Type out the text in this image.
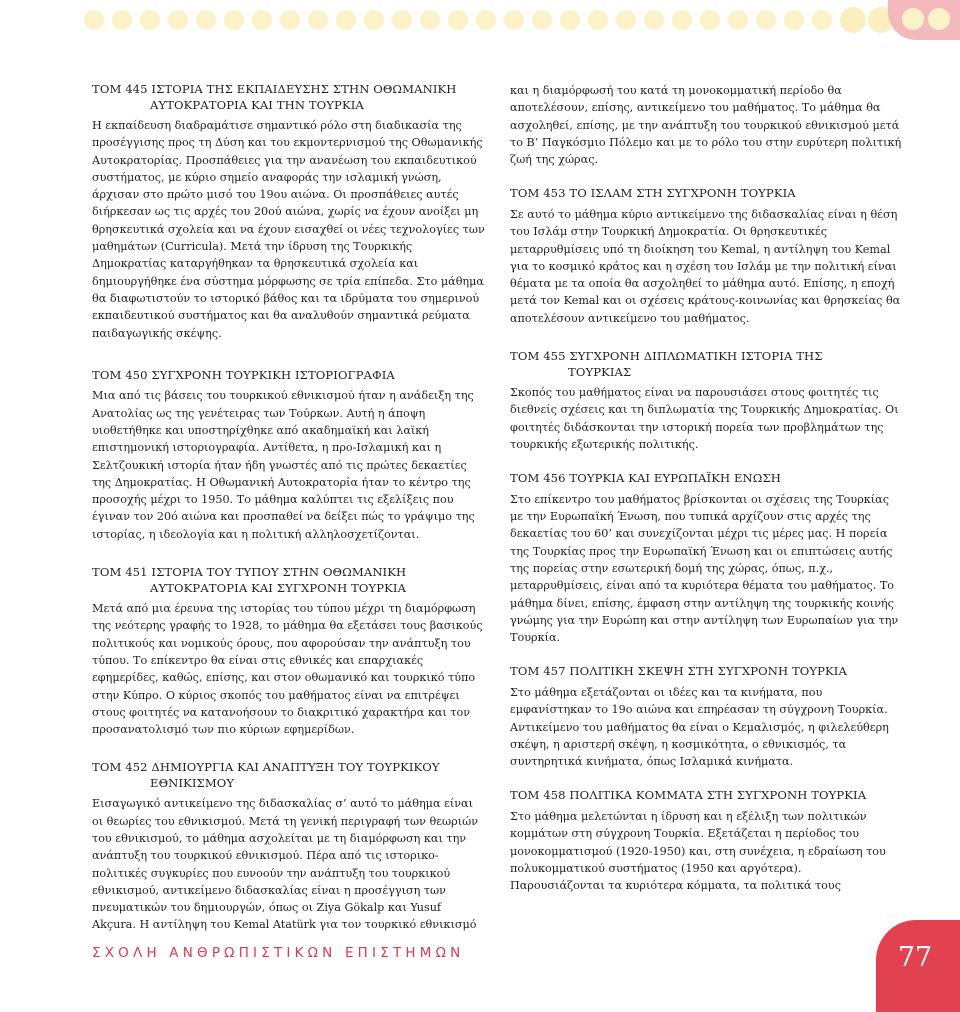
ΤΟΜ 445 ΙΣΤΟΡΙΑ ΤΗΣ ΕΚΠΑΙΔΕΥΣΗΣ ΣΤΗΝ ΟΘΩΜΑΝΙΚΗ
ΑΥΤΟΚΡΑΤΟΡΙΑ ΚΑΙ ΤΗΝ ΤΟΥΡΚΙΑ

Η εκπαίδευση διαδραμάτισε σημαντικό ρόλο στη διαδικασία της προσέγγισης προς τη Δύση και του εκμοντερνισμού της Οθωμανικής Αυτοκρατορίας. Προσπάθειες για την ανανέωση του εκπαιδευτικού συστήματος, με κύριο σημείο αναφοράς την ισλαμική γνώση, άρχισαν στο πρώτο μισό του 19ου αιώνα. Οι προσπάθειες αυτές διήρκεσαν ως τις αρχές του 20ού αιώνα, χωρίς να έχουν ανοίξει μη θρησκευτικά σχολεία και να έχουν εισαχθεί οι νέες τεχνολογίες των μαθημάτων (Curricula). Μετά την ίδρυση της Τουρκικής Δημοκρατίας καταργήθηκαν τα θρησκευτικά σχολεία και δημιουργήθηκε ένα σύστημα μόρφωσης σε τρία επίπεδα. Στο μάθημα θα διαφωτιστούν το ιστορικό βάθος και τα ιδρύματα του σημερινού εκπαιδευτικού συστήματος και θα αναλυθούν σημαντικά ρεύματα παιδαγωγικής σκέψης.

ΤΟΜ 450 ΣΥΓΧΡΟΝΗ ΤΟΥΡΚΙΚΗ ΙΣΤΟΡΙΟΓΡΑΦΙΑ

Μια από τις βάσεις του τουρκικού εθνικισμού ήταν η ανάδειξη της Ανατολίας ως της γενέτειρας των Τούρκων. Αυτή η άποψη υιοθετήθηκε και υποστηρίχθηκε από ακαδημαϊκή και λαϊκή επιστημονική ιστοριογραφία. Αντίθετα, η προ-Ισλαμική και η Σελτζουκική ιστορία ήταν ήδη γνωστές από τις πρώτες δεκαετίες της Δημοκρατίας. Η Οθωμανική Αυτοκρατορία ήταν το κέντρο της προσοχής μέχρι το 1950. Το μάθημα καλύπτει τις εξελίξεις που έγιναν τον 20ό αιώνα και προσπαθεί να δείξει πώς το γράψιμο της ιστορίας, η ιδεολογία και η πολιτική αλληλοσχετίζονται.

ΤΟΜ 451 ΙΣΤΟΡΙΑ ΤΟΥ ΤΥΠΟΥ ΣΤΗΝ ΟΘΩΜΑΝΙΚΗ
ΑΥΤΟΚΡΑΤΟΡΙΑ ΚΑΙ ΣΥΓΧΡΟΝΗ ΤΟΥΡΚΙΑ

Μετά από μια έρευνα της ιστορίας του τύπου μέχρι τη διαμόρφωση της νεότερης γραφής το 1928, το μάθημα θα εξετάσει τους βασικούς πολιτικούς και νομικούς όρους, που αφορούσαν την ανάπτυξη του τύπου. Το επίκεντρο θα είναι στις εθνικές και επαρχιακές εφημερίδες, καθώς, επίσης, και στον οθωμανικό και τουρκικό τύπο στην Κύπρο. Ο κύριος σκοπός του μαθήματος είναι να επιτρέψει στους φοιτητές να κατανοήσουν το διακριτικό χαρακτήρα και τον προσανατολισμό των πιο κύριων εφημερίδων.

ΤΟΜ 452 ΔΗΜΙΟΥΡΓΙΑ ΚΑΙ ΑΝΑΠΤΥΞΗ ΤΟΥ ΤΟΥΡΚΙΚΟΥ
ΕΘΝΙΚΙΣΜΟΥ

Εισαγωγικό αντικείμενο της διδασκαλίας σ’ αυτό το μάθημα είναι οι θεωρίες του εθνικισμού. Μετά τη γενική περιγραφή των θεωριών του εθνικισμού, το μάθημα ασχολείται με τη διαμόρφωση και την ανάπτυξη του τουρκικού εθνικισμού. Πέρα από τις ιστορικο-πολιτικές συγκυρίες που ευνοούν την ανάπτυξη του τουρκικού εθνικισμού, αντικείμενο διδασκαλίας είναι η προσέγγιση των πνευματικών του δημιουργών, όπως οι Ziya Gökalp και Yusuf Akçura. Η αντίληψη του Kemal Atatürk για τον τουρκικό εθνικισμό

και η διαμόρφωσή του κατά τη μονοκομματική περίοδο θα αποτελέσουν, επίσης, αντικείμενο του μαθήματος. Το μάθημα θα ασχοληθεί, επίσης, με την ανάπτυξη του τουρκικού εθνικισμού μετά το Β’ Παγκόσμιο Πόλεμο και με το ρόλο του στην ευρύτερη πολιτική ζωή της χώρας.

ΤΟΜ 453 ΤΟ ΙΣΛΑΜ ΣΤΗ ΣΥΓΧΡΟΝΗ ΤΟΥΡΚΙΑ

Σε αυτό το μάθημα κύριο αντικείμενο της διδασκαλίας είναι η θέση του Ισλάμ στην Τουρκική Δημοκρατία. Οι θρησκευτικές μεταρρυθμίσεις υπό τη διοίκηση του Kemal, η αντίληψη του Kemal για το κοσμικό κράτος και η σχέση του Ισλάμ με την πολιτική είναι θέματα με τα οποία θα ασχοληθεί το μάθημα αυτό. Επίσης, η εποχή μετά τον Kemal και οι σχέσεις κράτους-κοινωνίας και θρησκείας θα αποτελέσουν αντικείμενο του μαθήματος.

ΤΟΜ 455 ΣΥΓΧΡΟΝΗ ΔΙΠΛΩΜΑΤΙΚΗ ΙΣΤΟΡΙΑ ΤΗΣ
ΤΟΥΡΚΙΑΣ

Σκοπός του μαθήματος είναι να παρουσιάσει στους φοιτητές τις διεθνείς σχέσεις και τη διπλωματία της Τουρκικής Δημοκρατίας. Οι φοιτητές διδάσκονται την ιστορική πορεία των προβλημάτων της τουρκικής εξωτερικής πολιτικής.

ΤΟΜ 456 ΤΟΥΡΚΙΑ ΚΑΙ ΕΥΡΩΠΑΪΚΗ ΕΝΩΣΗ

Στο επίκεντρο του μαθήματος βρίσκονται οι σχέσεις της Τουρκίας με την Ευρωπαϊκή Ένωση, που τυπικά αρχίζουν στις αρχές της δεκαετίας του 60’ και συνεχίζονται μέχρι τις μέρες μας. Η πορεία της Τουρκίας προς την Ευρωπαϊκή Ένωση και οι επιπτώσεις αυτής της πορείας στην εσωτερική δομή της χώρας, όπως, π.χ., μεταρρυθμίσεις, είναι από τα κυριότερα θέματα του μαθήματος. Το μάθημα δίνει, επίσης, έμφαση στην αντίληψη της τουρκικής κοινής γνώμης για την Ευρώπη και στην αντίληψη των Ευρωπαίων για την Τουρκία.

ΤΟΜ 457 ΠΟΛΙΤΙΚΗ ΣΚΕΨΗ ΣΤΗ ΣΥΓΧΡΟΝΗ ΤΟΥΡΚΙΑ

Στο μάθημα εξετάζονται οι ιδέες και τα κινήματα, που εμφανίστηκαν το 19ο αιώνα και επηρέασαν τη σύγχρονη Τουρκία. Αντικείμενο του μαθήματος θα είναι ο Κεμαλισμός, η φιλελεύθερη σκέψη, η αριστερή σκέψη, η κοσμικότητα, ο εθνικισμός, τα συντηρητικά κινήματα, όπως Ισλαμικά κινήματα.

ΤΟΜ 458 ΠΟΛΙΤΙΚΑ ΚΟΜΜΑΤΑ ΣΤΗ ΣΥΓΧΡΟΝΗ ΤΟΥΡΚΙΑ

Στο μάθημα μελετώνται η ίδρυση και η εξέλιξη των πολιτικών κομμάτων στη σύγχρονη Τουρκία. Εξετάζεται η περίοδος του μονοκομματισμού (1920-1950) και, στη συνέχεια, η εδραίωση του πολυκομματικού συστήματος (1950 και αργότερα).

Παρουσιάζονται τα κυριότερα κόμματα, τα πολιτικά τους

ΣΧΟΛΗ ΑΝΘΡΩΠΙΣΤΙΚΩΝ ΕΠΙΣΤΗΜΩΝ	77
